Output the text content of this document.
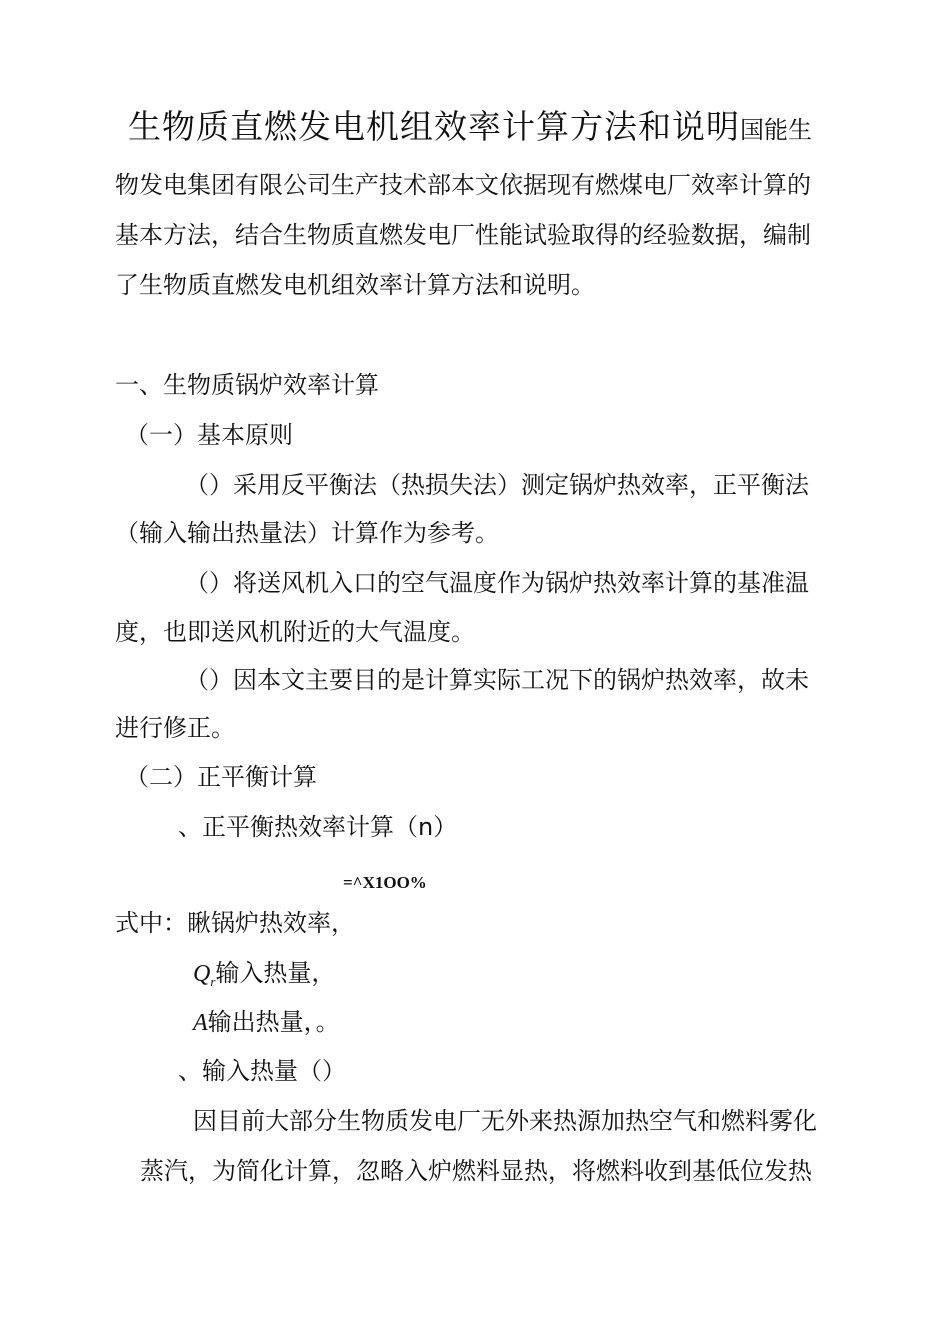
生物质直燃发电机组效率计算方法和说明国能生
物发电集团有限公司生产技术部本文依据现有燃煤电厂效率计算的
基本方法，结合生物质直燃发电厂性能试验取得的经验数据，编制
了生物质直燃发电机组效率计算方法和说明。
一、生物质锅炉效率计算
（一）基本原则
（）采用反平衡法（热损失法）测定锅炉热效率，正平衡法
（输入输出热量法）计算作为参考。
（）将送风机入口的空气温度作为锅炉热效率计算的基准温
度，也即送风机附近的大气温度。
（）因本文主要目的是计算实际工况下的锅炉热效率，故未
进行修正。
（二）正平衡计算
、正平衡热效率计算（n）
=^X1OO%
式中：瞅锅炉热效率，
$Q_r$输入热量，
A输出热量，。
、输入热量（）
因目前大部分生物质发电厂无外来热源加热空气和燃料雾化
蒸汽，为简化计算，忽略入炉燃料显热，将燃料收到基低位发热
